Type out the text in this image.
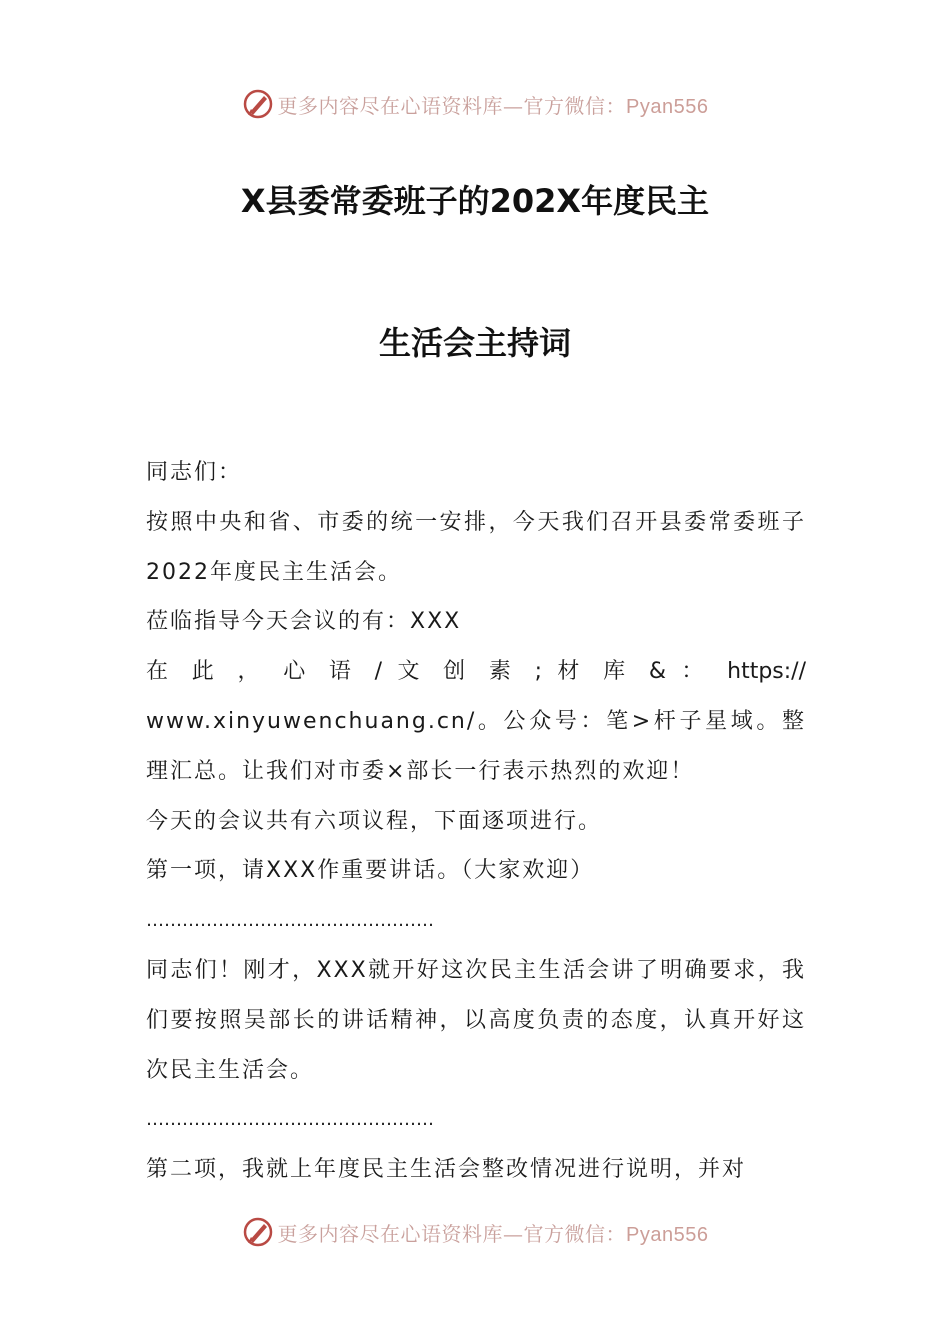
更多内容尽在心语资料库—官方微信：Pyan556
X县委常委班子的202X年度民主
生活会主持词

同志们：

按照中央和省、市委的统一安排，今天我们召开县委常委班子2022年度民主生活会。

莅临指导今天会议的有：XXX

在 此 ， 心 语 / 文 创 素 ; 材 库 & ： https://

www.xinyuwenchuang.cn/。公众号：笔>杆子星域。整理汇总。让我们对市委×部长一行表示热烈的欢迎！

今天的会议共有六项议程，下面逐项进行。

第一项，请XXX作重要讲话。（大家欢迎）

…………………………………………

同志们！刚才，XXX就开好这次民主生活会讲了明确要求，我们要按照吴部长的讲话精神，以高度负责的态度，认真开好这次民主生活会。

…………………………………………

第二项，我就上年度民主生活会整改情况进行说明，并对

更多内容尽在心语资料库—官方微信：Pyan556
